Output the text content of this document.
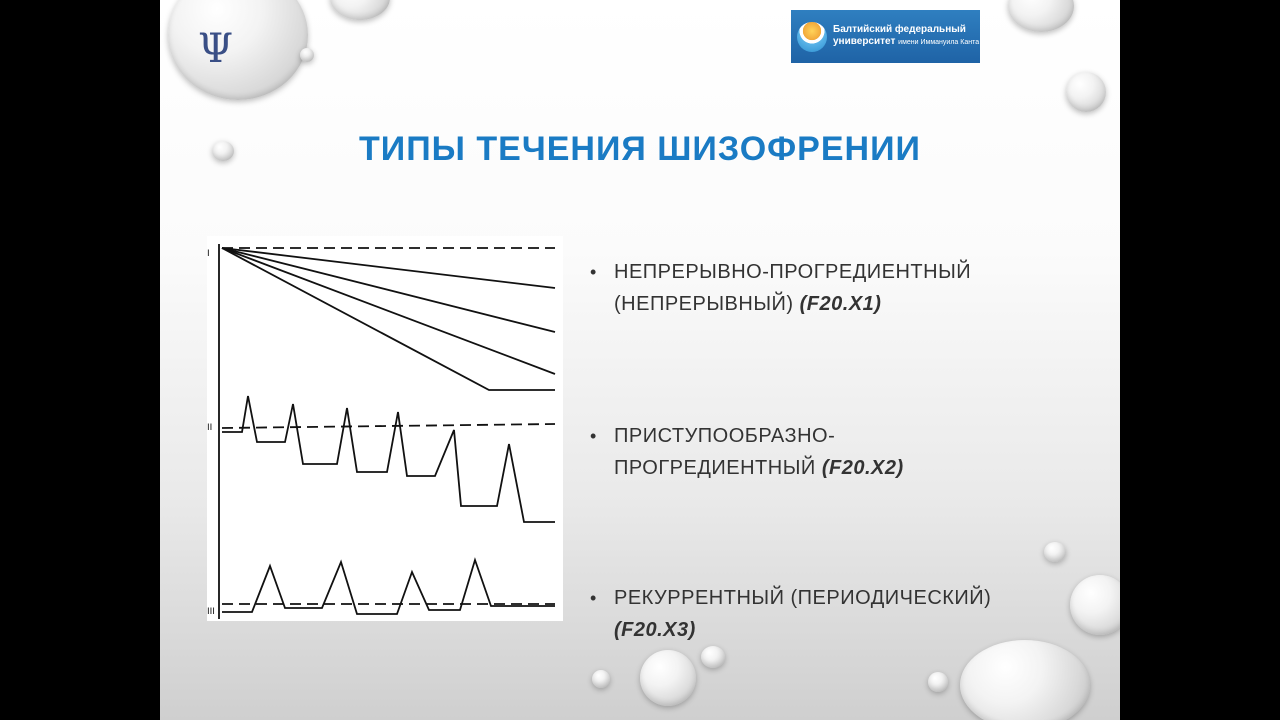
Ψ	Балтийский федеральный
университет имени Иммануила Канта
ТИПЫ ТЕЧЕНИЯ ШИЗОФРЕНИИ
I
II
III
• НЕПРЕРЫВНО-ПРОГРЕДИЕНТНЫЙ (НЕПРЕРЫВНЫЙ) (F20.X1)
• ПРИСТУПООБРАЗНО-ПРОГРЕДИЕНТНЫЙ (F20.X2)
• РЕКУРРЕНТНЫЙ (ПЕРИОДИЧЕСКИЙ) (F20.X3)
